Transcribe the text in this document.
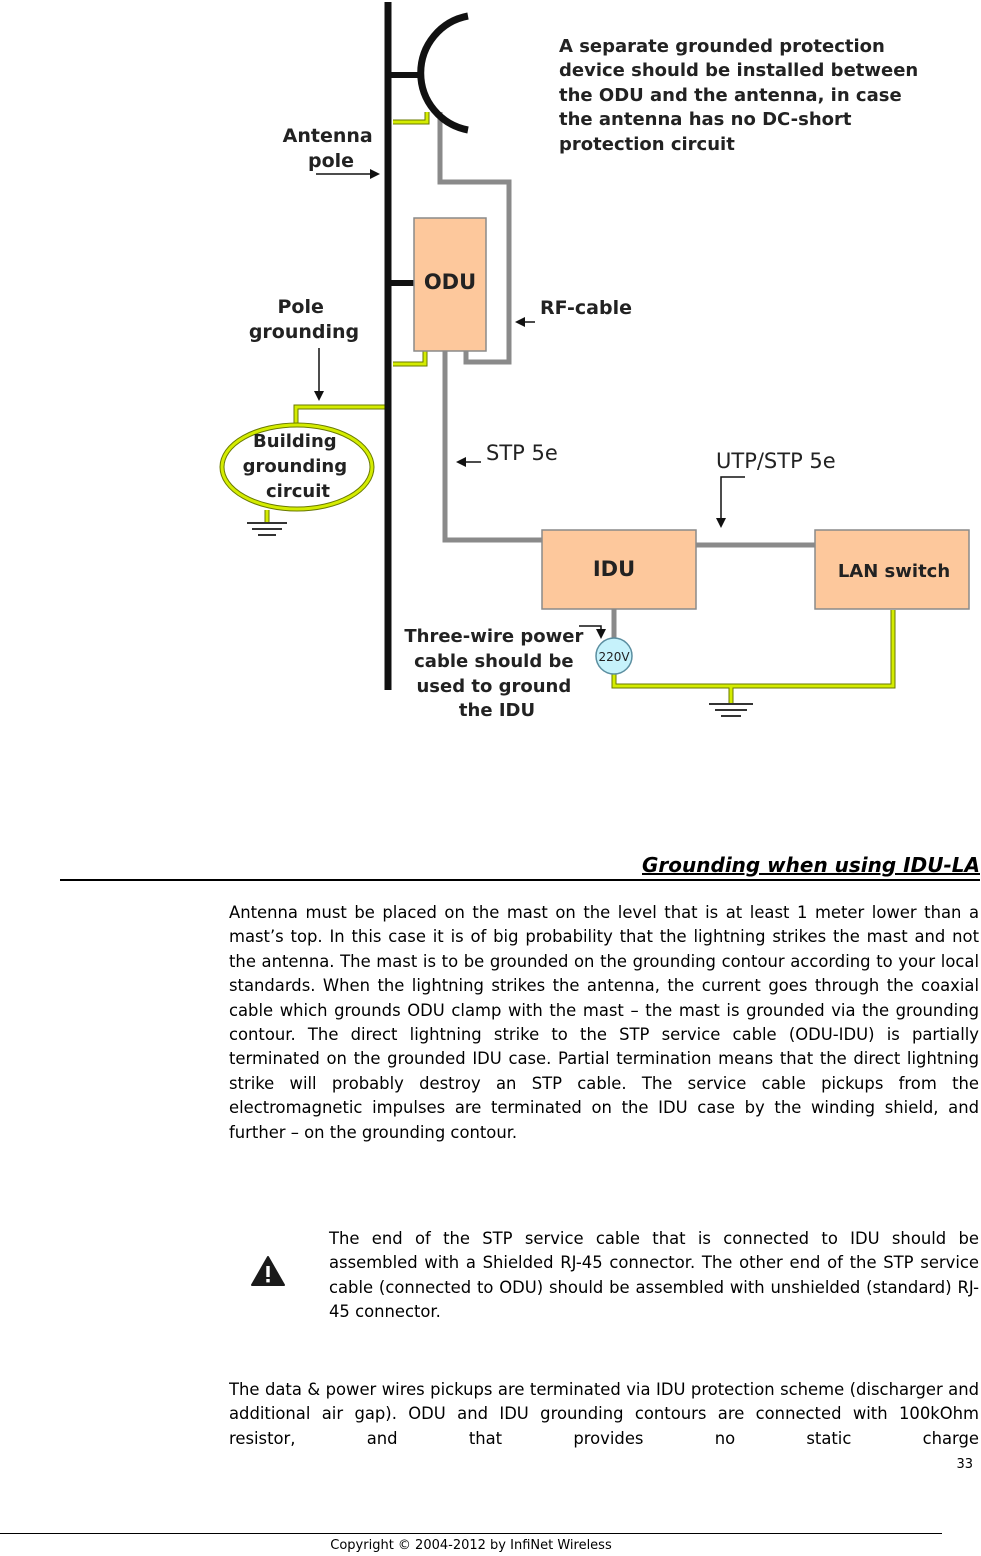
ODU
IDU	LAN switch
Building grounding circuit
220V
A separate grounded protection device should be installed between the ODU and the antenna, in case the antenna has no DC-short protection circuit
Antenna pole
RF-cable
Pole grounding
STP 5e	UTP/STP 5e
Three-wire power cable should be used to ground the IDU
Grounding when using IDU-LA
Antenna must be placed on the mast on the level that is at least 1 meter lower than a mast’s top. In this case it is of big probability that the lightning strikes the mast and not the antenna. The mast is to be grounded on the grounding contour according to your local standards. When the lightning strikes the antenna, the current goes through the coaxial cable which grounds ODU clamp with the mast – the mast is grounded via the grounding contour. The direct lightning strike to the STP service cable (ODU-IDU) is partially terminated on the grounded IDU case. Partial termination means that the direct lightning strike will probably destroy an STP cable. The service cable pickups from the electromagnetic impulses are terminated on the IDU case by the winding shield, and further – on the grounding contour.
The end of the STP service cable that is connected to IDU should be assembled with a Shielded RJ-45 connector. The other end of the STP service cable (connected to ODU) should be assembled with unshielded (standard) RJ-45 connector.
The data & power wires pickups are terminated via IDU protection scheme (discharger and additional air gap). ODU and IDU grounding contours are connected with 100kOhm resistor, and that provides no static charge
33
Copyright © 2004-2012 by InfiNet Wireless
